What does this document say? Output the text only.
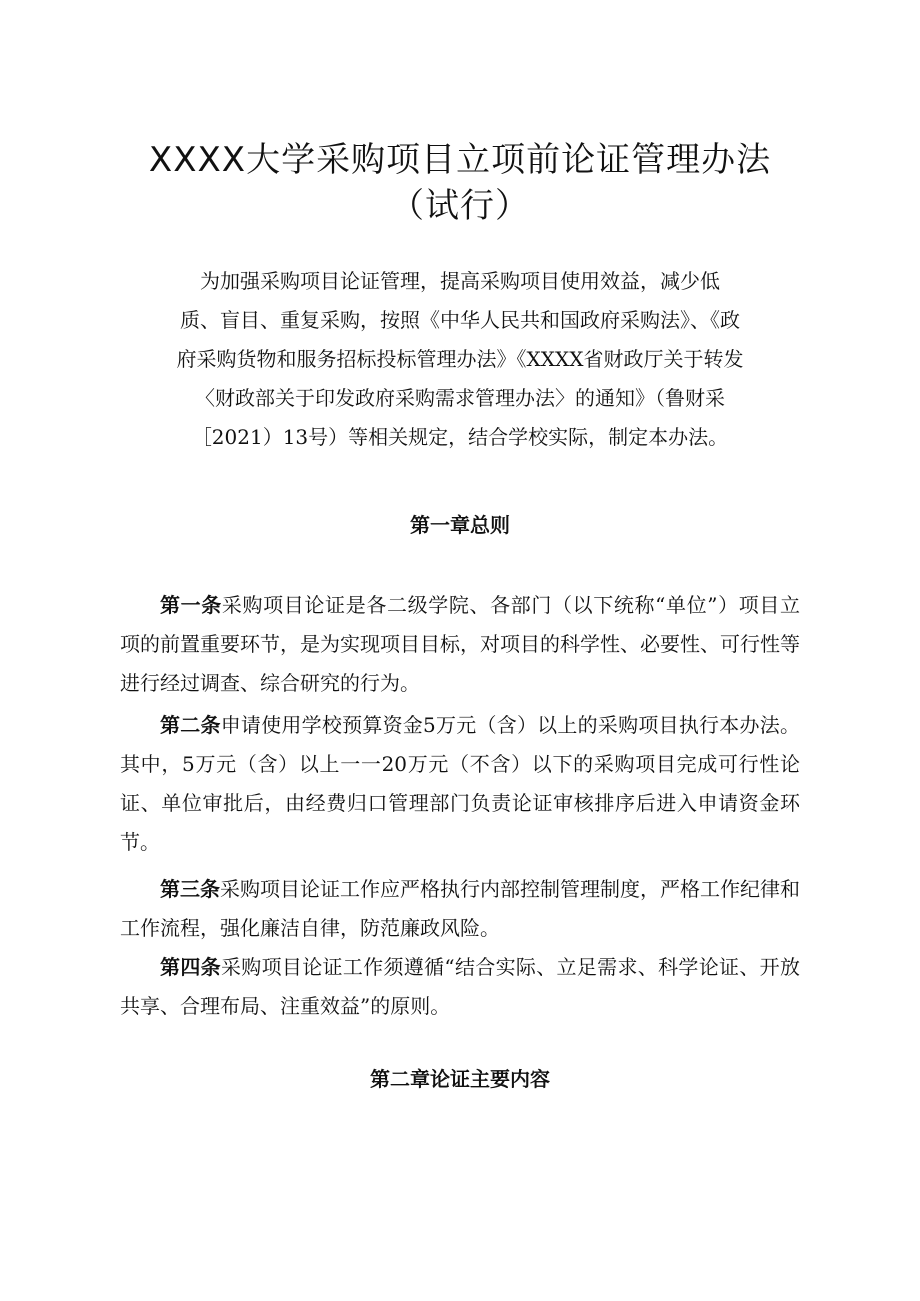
XXXX大学采购项目立项前论证管理办法
（试行）

为加强采购项目论证管理，提高采购项目使用效益，减少低
质、盲目、重复采购，按照《中华人民共和国政府采购法》、《政
府采购货物和服务招标投标管理办法》《XXXX省财政厅关于转发
〈财政部关于印发政府采购需求管理办法〉的通知》（鲁财采
［2021）13号）等相关规定，结合学校实际，制定本办法。

第一章总则

第一条采购项目论证是各二级学院、各部门（以下统称“单位”）项目立项的前置重要环节，是为实现项目目标，对项目的科学性、必要性、可行性等进行经过调查、综合研究的行为。

第二条申请使用学校预算资金5万元（含）以上的采购项目执行本办法。其中，5万元（含）以上一一20万元（不含）以下的采购项目完成可行性论证、单位审批后，由经费归口管理部门负责论证审核排序后进入申请资金环节。

第三条采购项目论证工作应严格执行内部控制管理制度，严格工作纪律和工作流程，强化廉洁自律，防范廉政风险。

第四条采购项目论证工作须遵循“结合实际、立足需求、科学论证、开放共享、合理布局、注重效益”的原则。

第二章论证主要内容
